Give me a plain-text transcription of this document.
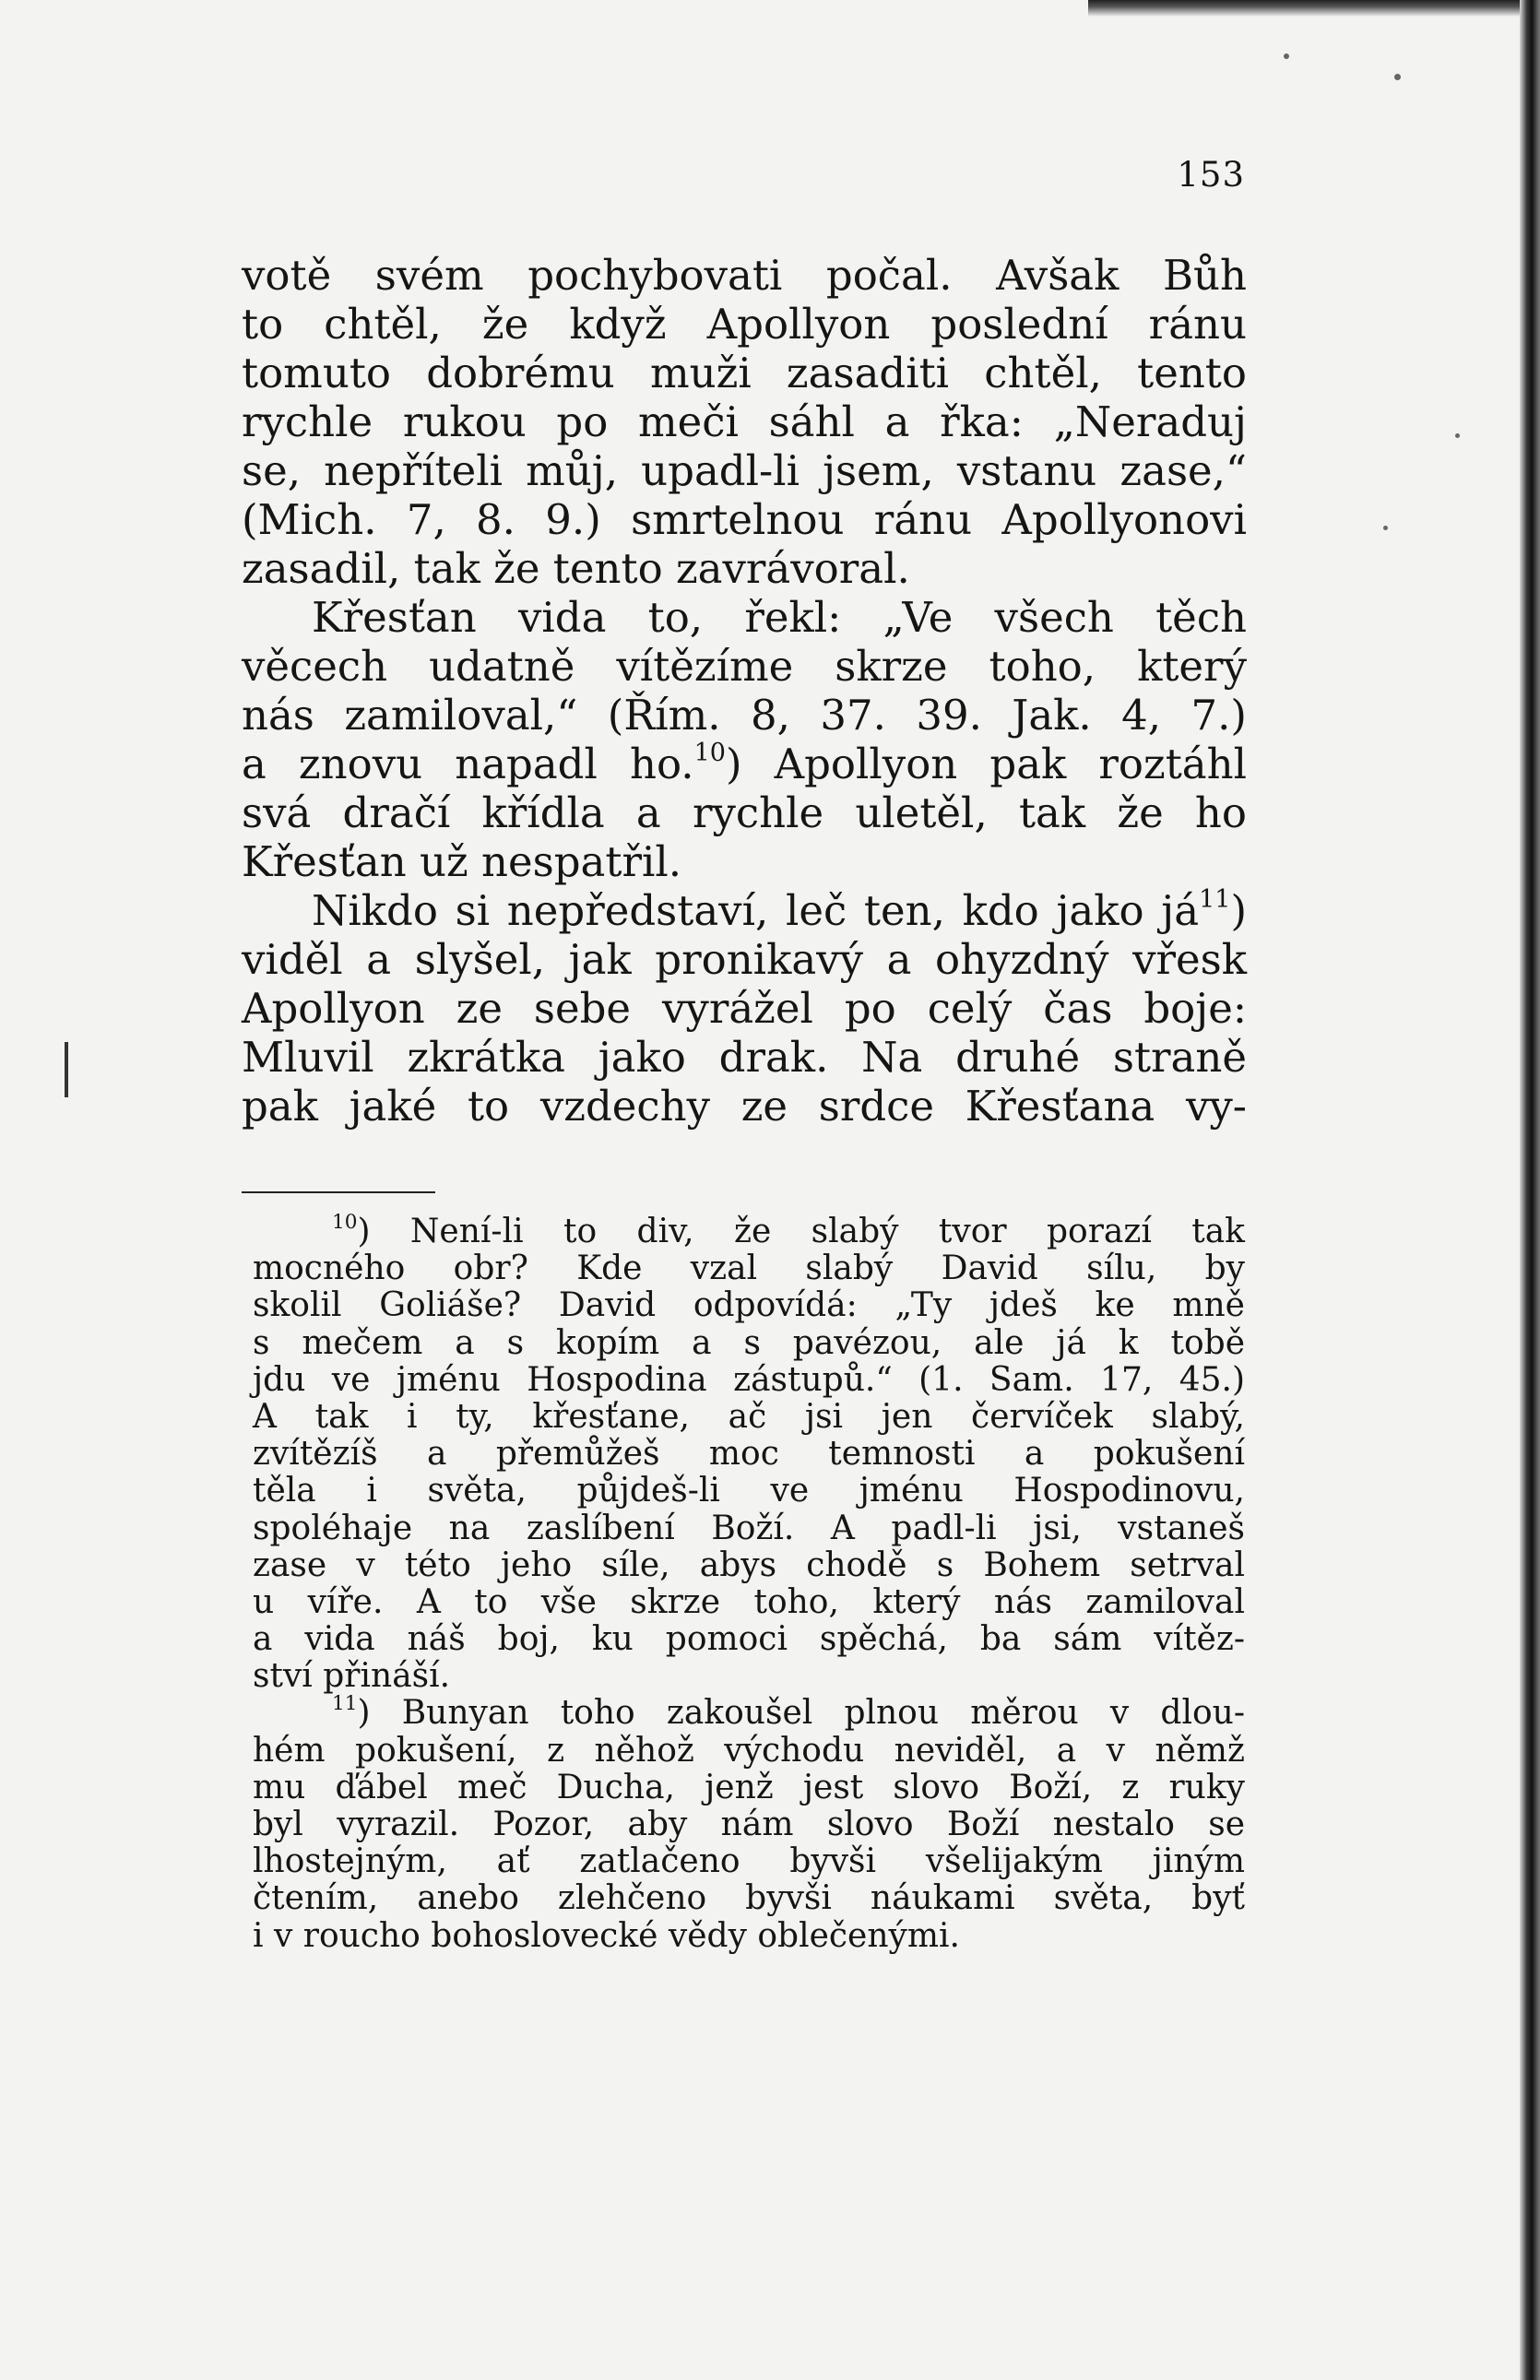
153
votě svém pochybovati počal. Avšak Bůh
to chtěl, že když Apollyon poslední ránu
tomuto dobrému muži zasaditi chtěl, tento
rychle rukou po meči sáhl a řka: „Neraduj
se, nepříteli můj, upadl-li jsem, vstanu zase,“
(Mich. 7, 8. 9.) smrtelnou ránu Apollyonovi
zasadil, tak že tento zavrávoral.
Křesťan vida to, řekl: „Ve všech těch
věcech udatně vítězíme skrze toho, který
nás zamiloval,“ (Řím. 8, 37. 39. Jak. 4, 7.)
a znovu napadl ho.$^{10}$) Apollyon pak roztáhl
svá dračí křídla a rychle uletěl, tak že ho
Křesťan už nespatřil.
Nikdo si nepředstaví, leč ten, kdo jako $já^{11}$)
viděl a slyšel, jak pronikavý a ohyzdný vřesk
Apollyon ze sebe vyrážel po celý čas boje:
Mluvil zkrátka jako drak. Na druhé straně
pak jaké to vzdechy ze srdce Křesťana vy-
$^{10}$) Není-li to div, že slabý tvor porazí tak
mocného obr? Kde vzal slabý David sílu, by
skolil Goliáše? David odpovídá: „Ty jdeš ke mně
s mečem a s kopím a s pavézou, ale já k tobě
jdu ve jménu Hospodina zástupů.“ (1. Sam. 17, 45.)
A tak i ty, křesťane, ač jsi jen červíček slabý,
zvítězíš a přemůžeš moc temnosti a pokušení
těla i světa, půjdeš-li ve jménu Hospodinovu,
spoléhaje na zaslíbení Boží. A padl-li jsi, vstaneš
zase v této jeho síle, abys chodě s Bohem setrval
u víře. A to vše skrze toho, který nás zamiloval
a vida náš boj, ku pomoci spěchá, ba sám vítěz-
ství přináší.
$^{11}$) Bunyan toho zakoušel plnou měrou v dlou-
hém pokušení, z něhož východu neviděl, a v němž
mu ďábel meč Ducha, jenž jest slovo Boží, z ruky
byl vyrazil. Pozor, aby nám slovo Boží nestalo se
lhostejným, ať zatlačeno byvši všelijakým jiným
čtením, anebo zlehčeno byvši náukami světa, byť
i v roucho bohoslovecké vědy oblečenými.
